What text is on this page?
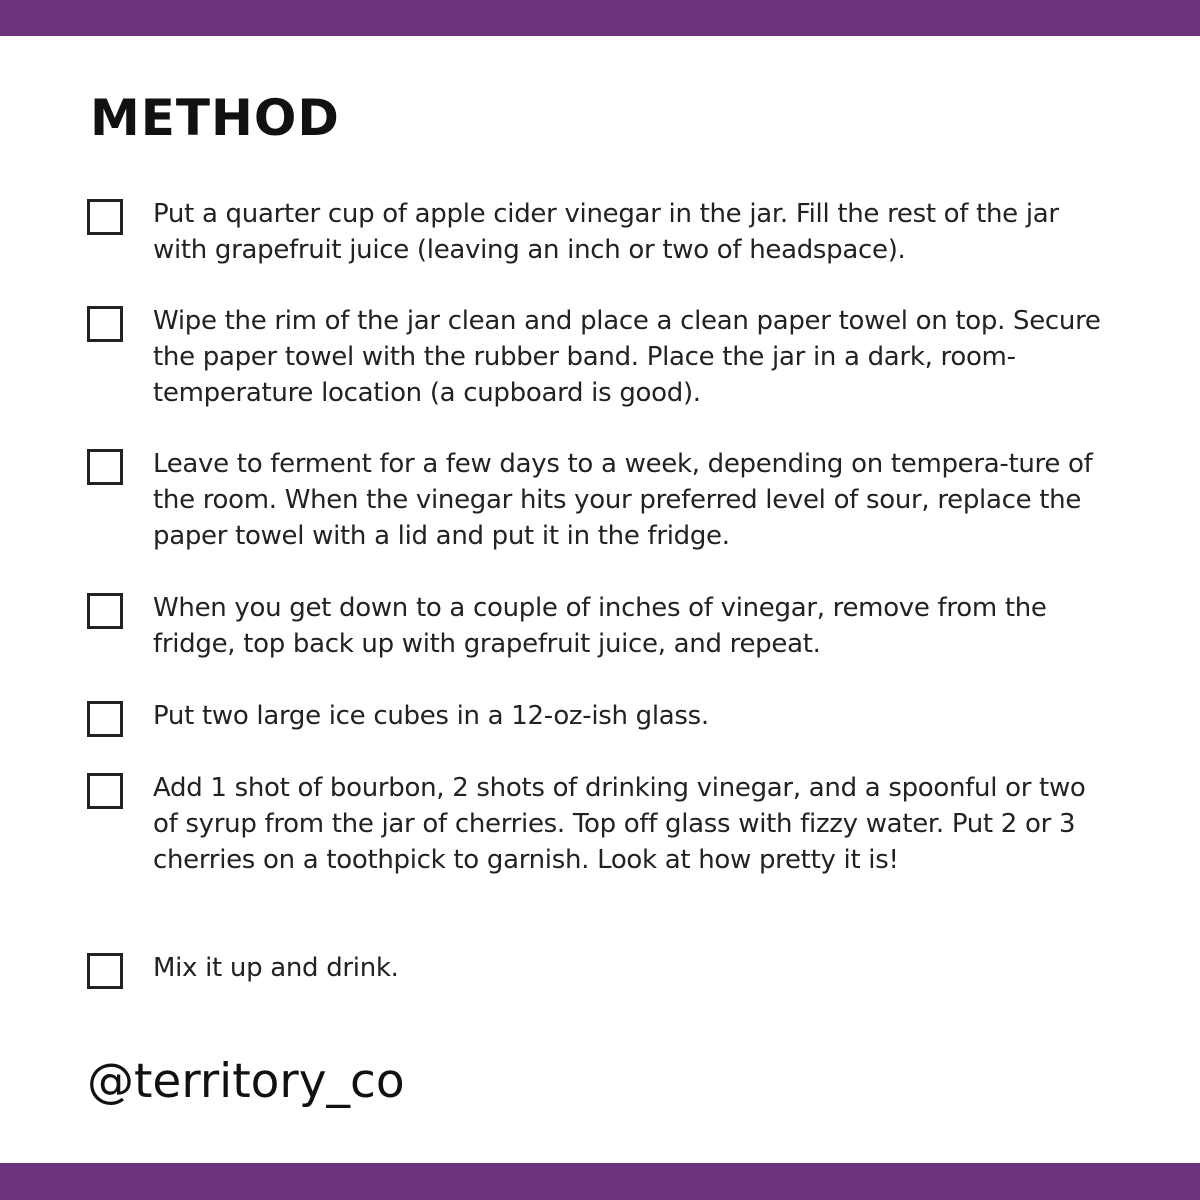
METHOD
Put a quarter cup of apple cider vinegar in the jar. Fill the rest of the jar with grapefruit juice (leaving an inch or two of headspace).
Wipe the rim of the jar clean and place a clean paper towel on top. Secure the paper towel with the rubber band. Place the jar in a dark, room-temperature location (a cupboard is good).
Leave to ferment for a few days to a week, depending on tempera-ture of the room. When the vinegar hits your preferred level of sour, replace the paper towel with a lid and put it in the fridge.
When you get down to a couple of inches of vinegar, remove from the fridge, top back up with grapefruit juice, and repeat.
Put two large ice cubes in a 12-oz-ish glass.
Add 1 shot of bourbon, 2 shots of drinking vinegar, and a spoonful or two of syrup from the jar of cherries. Top off glass with fizzy water. Put 2 or 3 cherries on a toothpick to garnish. Look at how pretty it is!
Mix it up and drink.
@territory_co
